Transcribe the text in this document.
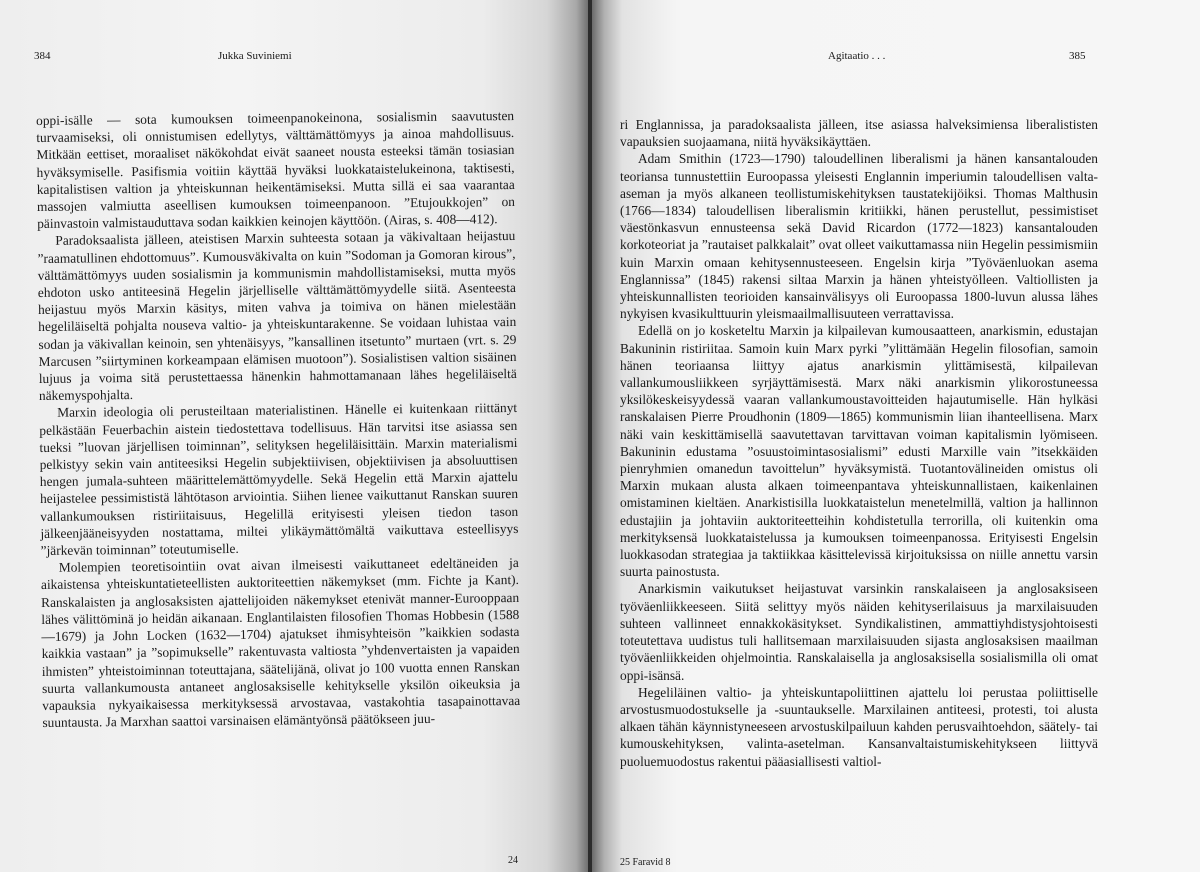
384	Jukka Suviniemi

oppi-isälle — sota kumouksen toimeenpanokeinona, sosialismin saavutusten turvaamiseksi, oli onnistumisen edellytys, välttämättömyys ja ainoa mahdollisuus. Mitkään eettiset, moraaliset näkökohdat eivät saaneet nousta esteeksi tämän tosiasian hyväksymiselle. Pasifismia voitiin käyttää hyväksi luokkataistelukeinona, taktisesti, kapitalistisen valtion ja yhteiskunnan heikentämiseksi. Mutta sillä ei saa vaarantaa massojen valmiutta aseellisen kumouksen toimeenpanoon. ”Etujoukkojen” on päinvastoin valmistauduttava sodan kaikkien keinojen käyttöön. (Airas, s. 408—412).

Paradoksaalista jälleen, ateistisen Marxin suhteesta sotaan ja väkivaltaan heijastuu ”raamatullinen ehdottomuus”. Kumousväkivalta on kuin ”Sodoman ja Gomoran kirous”, välttämättömyys uuden sosialismin ja kommunismin mahdollistamiseksi, mutta myös ehdoton usko antiteesinä Hegelin järjelliselle välttämättömyydelle siitä. Asenteesta heijastuu myös Marxin käsitys, miten vahva ja toimiva on hänen mielestään hegeliläiseltä pohjalta nouseva valtio- ja yhteiskuntarakenne. Se voidaan luhistaa vain sodan ja väkivallan keinoin, sen yhtenäisyys, ”kansallinen itsetunto” murtaen (vrt. s. 29 Marcusen ”siirtyminen korkeampaan elämisen muotoon”). Sosialistisen valtion sisäinen lujuus ja voima sitä perustettaessa hänenkin hahmottamanaan lähes hegeliläiseltä näkemyspohjalta.

Marxin ideologia oli perusteiltaan materialistinen. Hänelle ei kuitenkaan riittänyt pelkästään Feuerbachin aistein tiedostettava todellisuus. Hän tarvitsi itse asiassa sen tueksi ”luovan järjellisen toiminnan”, selityksen hegeliläisittäin. Marxin materialismi pelkistyy sekin vain antiteesiksi Hegelin subjektiivisen, objektiivisen ja absoluuttisen hengen jumala-suhteen määrittelemättömyydelle. Sekä Hegelin että Marxin ajattelu heijastelee pessimististä lähtötason arviointia. Siihen lienee vaikuttanut Ranskan suuren vallankumouksen ristiriitaisuus, Hegelillä erityisesti yleisen tiedon tason jälkeenjääneisyyden nostattama, miltei ylikäymättömältä vaikuttava esteellisyys ”järkevän toiminnan” toteutumiselle.

Molempien teoretisointiin ovat aivan ilmeisesti vaikuttaneet edeltäneiden ja aikaistensa yhteiskuntatieteellisten auktoriteettien näkemykset (mm. Fichte ja Kant). Ranskalaisten ja anglosaksisten ajattelijoiden näkemykset etenivät manner-Eurooppaan lähes välittöminä jo heidän aikanaan. Englantilaisten filosofien Thomas Hobbesin (1588—1679) ja John Locken (1632—1704) ajatukset ihmisyhteisön ”kaikkien sodasta kaikkia vastaan” ja ”sopimukselle” rakentuvasta valtiosta ”yhdenvertaisten ja vapaiden ihmisten” yhteistoiminnan toteuttajana, säätelijänä, olivat jo 100 vuotta ennen Ranskan suurta vallankumousta antaneet anglosaksiselle kehitykselle yksilön oikeuksia ja vapauksia nykyaikaisessa merkityksessä arvostavaa, vastakohtia tasapainottavaa suuntausta. Ja Marxhan saattoi varsinaisen elämäntyönsä päätökseen juu-

24
Agitaatio . . .	385

ri Englannissa, ja paradoksaalista jälleen, itse asiassa halveksimiensa liberalististen vapauksien suojaamana, niitä hyväksikäyttäen.

Adam Smithin (1723—1790) taloudellinen liberalismi ja hänen kansantalouden teoriansa tunnustettiin Euroopassa yleisesti Englannin imperiumin taloudellisen valta-aseman ja myös alkaneen teollistumiskehityksen taustatekijöiksi. Thomas Malthusin (1766—1834) taloudellisen liberalismin kritiikki, hänen perustellut, pessimistiset väestönkasvun ennusteensa sekä David Ricardon (1772—1823) kansantalouden korkoteoriat ja ”rautaiset palkkalait” ovat olleet vaikuttamassa niin Hegelin pessimismiin kuin Marxin omaan kehitysennusteeseen. Engelsin kirja ”Työväenluokan asema Englannissa” (1845) rakensi siltaa Marxin ja hänen yhteistyölleen. Valtiollisten ja yhteiskunnallisten teorioiden kansainvälisyys oli Euroopassa 1800-luvun alussa lähes nykyisen kvasikulttuurin yleismaailmallisuuteen verrattavissa.

Edellä on jo kosketeltu Marxin ja kilpailevan kumousaatteen, anarkismin, edustajan Bakuninin ristiriitaa. Samoin kuin Marx pyrki ”ylittämään Hegelin filosofian, samoin hänen teoriaansa liittyy ajatus anarkismin ylittämisestä, kilpailevan vallankumousliikkeen syrjäyttämisestä. Marx näki anarkismin ylikorostuneessa yksilökeskeisyydessä vaaran vallankumoustavoitteiden hajautumiselle. Hän hylkäsi ranskalaisen Pierre Proudhonin (1809—1865) kommunismin liian ihanteellisena. Marx näki vain keskittämisellä saavutettavan tarvittavan voiman kapitalismin lyömiseen. Bakuninin edustama ”osuustoimintasosialismi” edusti Marxille vain ”itsekkäiden pienryhmien omanedun tavoittelun” hyväksymistä. Tuotantovälineiden omistus oli Marxin mukaan alusta alkaen toimeenpantava yhteiskunnallistaen, kaikenlainen omistaminen kieltäen. Anarkistisilla luokkataistelun menetelmillä, valtion ja hallinnon edustajiin ja johtaviin auktoriteetteihin kohdistetulla terrorilla, oli kuitenkin oma merkityksensä luokkataistelussa ja kumouksen toimeenpanossa. Erityisesti Engelsin luokkasodan strategiaa ja taktiikkaa käsittelevissä kirjoituksissa on niille annettu varsin suurta painostusta.

Anarkismin vaikutukset heijastuvat varsinkin ranskalaiseen ja anglosaksiseen työväenliikkeeseen. Siitä selittyy myös näiden kehityserilaisuus ja marxilaisuuden suhteen vallinneet ennakkokäsitykset. Syndikalistinen, ammattiyhdistysjohtoisesti toteutettava uudistus tuli hallitsemaan marxilaisuuden sijasta anglosaksisen maailman työväenliikkeiden ohjelmointia. Ranskalaisella ja anglosaksisella sosialismilla oli omat oppi-isänsä.

Hegeliläinen valtio- ja yhteiskuntapoliittinen ajattelu loi perustaa poliittiselle arvostusmuodostukselle ja -suuntaukselle. Marxilainen antiteesi, protesti, toi alusta alkaen tähän käynnistyneeseen arvostuskilpailuun kahden perusvaihtoehdon, säätely- tai kumouskehityksen, valinta-asetelman. Kansanvaltaistumiskehitykseen liittyvä puoluemuodostus rakentui pääasiallisesti valtiol-

25 Faravid 8
